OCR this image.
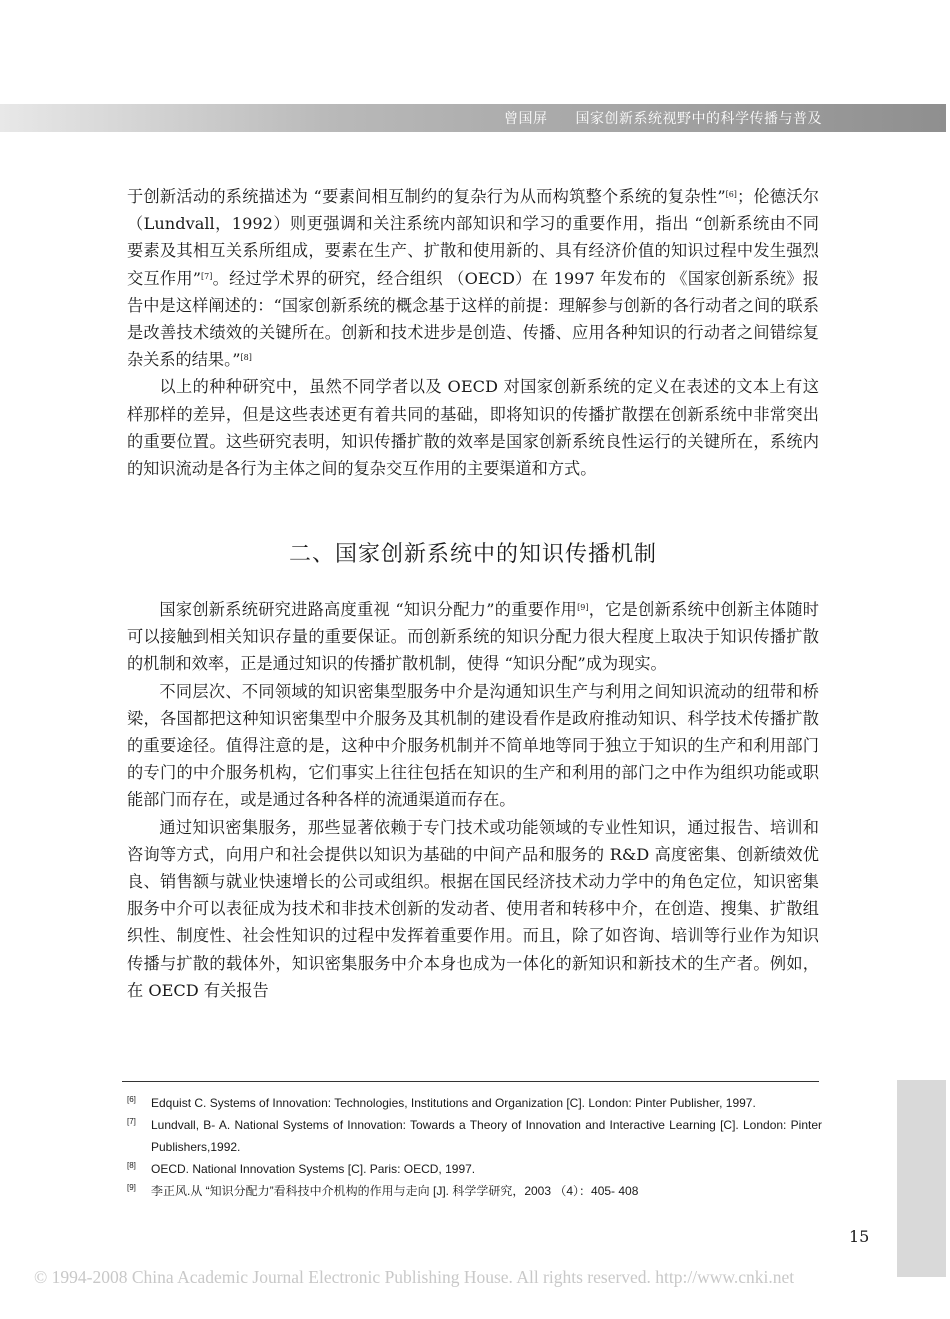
曾国屏 国家创新系统视野中的科学传播与普及

于创新活动的系统描述为 “要素间相互制约的复杂行为从而构筑整个系统的复杂性”[6]；伦德沃尔 （Lundvall，1992）则更强调和关注系统内部知识和学习的重要作用，指出 “创新系统由不同要素及其相互关系所组成，要素在生产、扩散和使用新的、具有经济价值的知识过程中发生强烈交互作用”[7]。经过学术界的研究，经合组织 （OECD）在 1997 年发布的 《国家创新系统》报告中是这样阐述的：“国家创新系统的概念基于这样的前提：理解参与创新的各行动者之间的联系是改善技术绩效的关键所在。创新和技术进步是创造、传播、应用各种知识的行动者之间错综复杂关系的结果。”[8]

以上的种种研究中，虽然不同学者以及 OECD 对国家创新系统的定义在表述的文本上有这样那样的差异，但是这些表述更有着共同的基础，即将知识的传播扩散摆在创新系统中非常突出的重要位置。这些研究表明，知识传播扩散的效率是国家创新系统良性运行的关键所在，系统内的知识流动是各行为主体之间的复杂交互作用的主要渠道和方式。

二、国家创新系统中的知识传播机制

国家创新系统研究进路高度重视 “知识分配力”的重要作用[9]，它是创新系统中创新主体随时可以接触到相关知识存量的重要保证。而创新系统的知识分配力很大程度上取决于知识传播扩散的机制和效率，正是通过知识的传播扩散机制，使得 “知识分配”成为现实。

不同层次、不同领域的知识密集型服务中介是沟通知识生产与利用之间知识流动的纽带和桥梁，各国都把这种知识密集型中介服务及其机制的建设看作是政府推动知识、科学技术传播扩散的重要途径。值得注意的是，这种中介服务机制并不简单地等同于独立于知识的生产和利用部门的专门的中介服务机构，它们事实上往往包括在知识的生产和利用的部门之中作为组织功能或职能部门而存在，或是通过各种各样的流通渠道而存在。

通过知识密集服务，那些显著依赖于专门技术或功能领域的专业性知识，通过报告、培训和咨询等方式，向用户和社会提供以知识为基础的中间产品和服务的 R&D 高度密集、创新绩效优良、销售额与就业快速增长的公司或组织。根据在国民经济技术动力学中的角色定位，知识密集服务中介可以表征成为技术和非技术创新的发动者、使用者和转移中介，在创造、搜集、扩散组织性、制度性、社会性知识的过程中发挥着重要作用。而且，除了如咨询、培训等行业作为知识传播与扩散的载体外，知识密集服务中介本身也成为一体化的新知识和新技术的生产者。例如，在 OECD 有关报告

[6]	Edquist C. Systems of Innovation: Technologies, Institutions and Organization [C]. London: Pinter Publisher, 1997.
[7]	Lundvall, B- A. National Systems of Innovation: Towards a Theory of Innovation and Interactive Learning [C]. London: Pinter Publishers,1992.
[8]	OECD. National Innovation Systems [C]. Paris: OECD, 1997.
[9]	李正风.从 “知识分配力”看科技中介机构的作用与走向 [J]. 科学学研究，2003 （4）：405- 408
15
© 1994-2008 China Academic Journal Electronic Publishing House. All rights reserved. http://www.cnki.net
